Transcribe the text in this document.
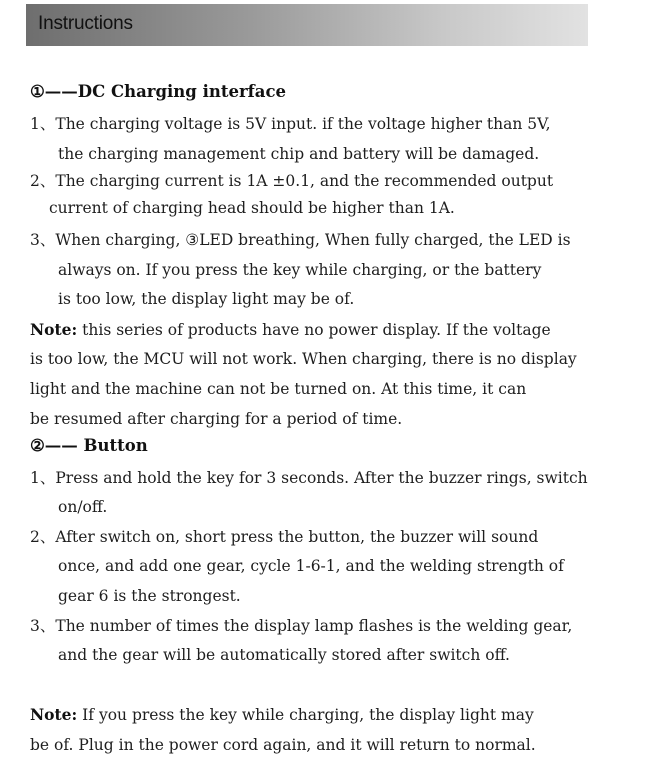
Instructions
①——DC Charging interface
1、The charging voltage is 5V input. if the voltage higher than 5V,
the charging management chip and battery will be damaged.
2、The charging current is 1A ±0.1, and the recommended output
current of charging head should be higher than 1A.
3、When charging, ③LED breathing, When fully charged, the LED is
always on. If you press the key while charging, or the battery
is too low, the display light may be of.
Note: this series of products have no power display. If the voltage
is too low, the MCU will not work. When charging, there is no display
light and the machine can not be turned on. At this time, it can
be resumed after charging for a period of time.
②—— Button
1、Press and hold the key for 3 seconds. After the buzzer rings, switch
on/off.
2、After switch on, short press the button, the buzzer will sound
once, and add one gear, cycle 1-6-1, and the welding strength of
gear 6 is the strongest.
3、The number of times the display lamp flashes is the welding gear,
and the gear will be automatically stored after switch off.
Note: If you press the key while charging, the display light may
be of. Plug in the power cord again, and it will return to normal.
